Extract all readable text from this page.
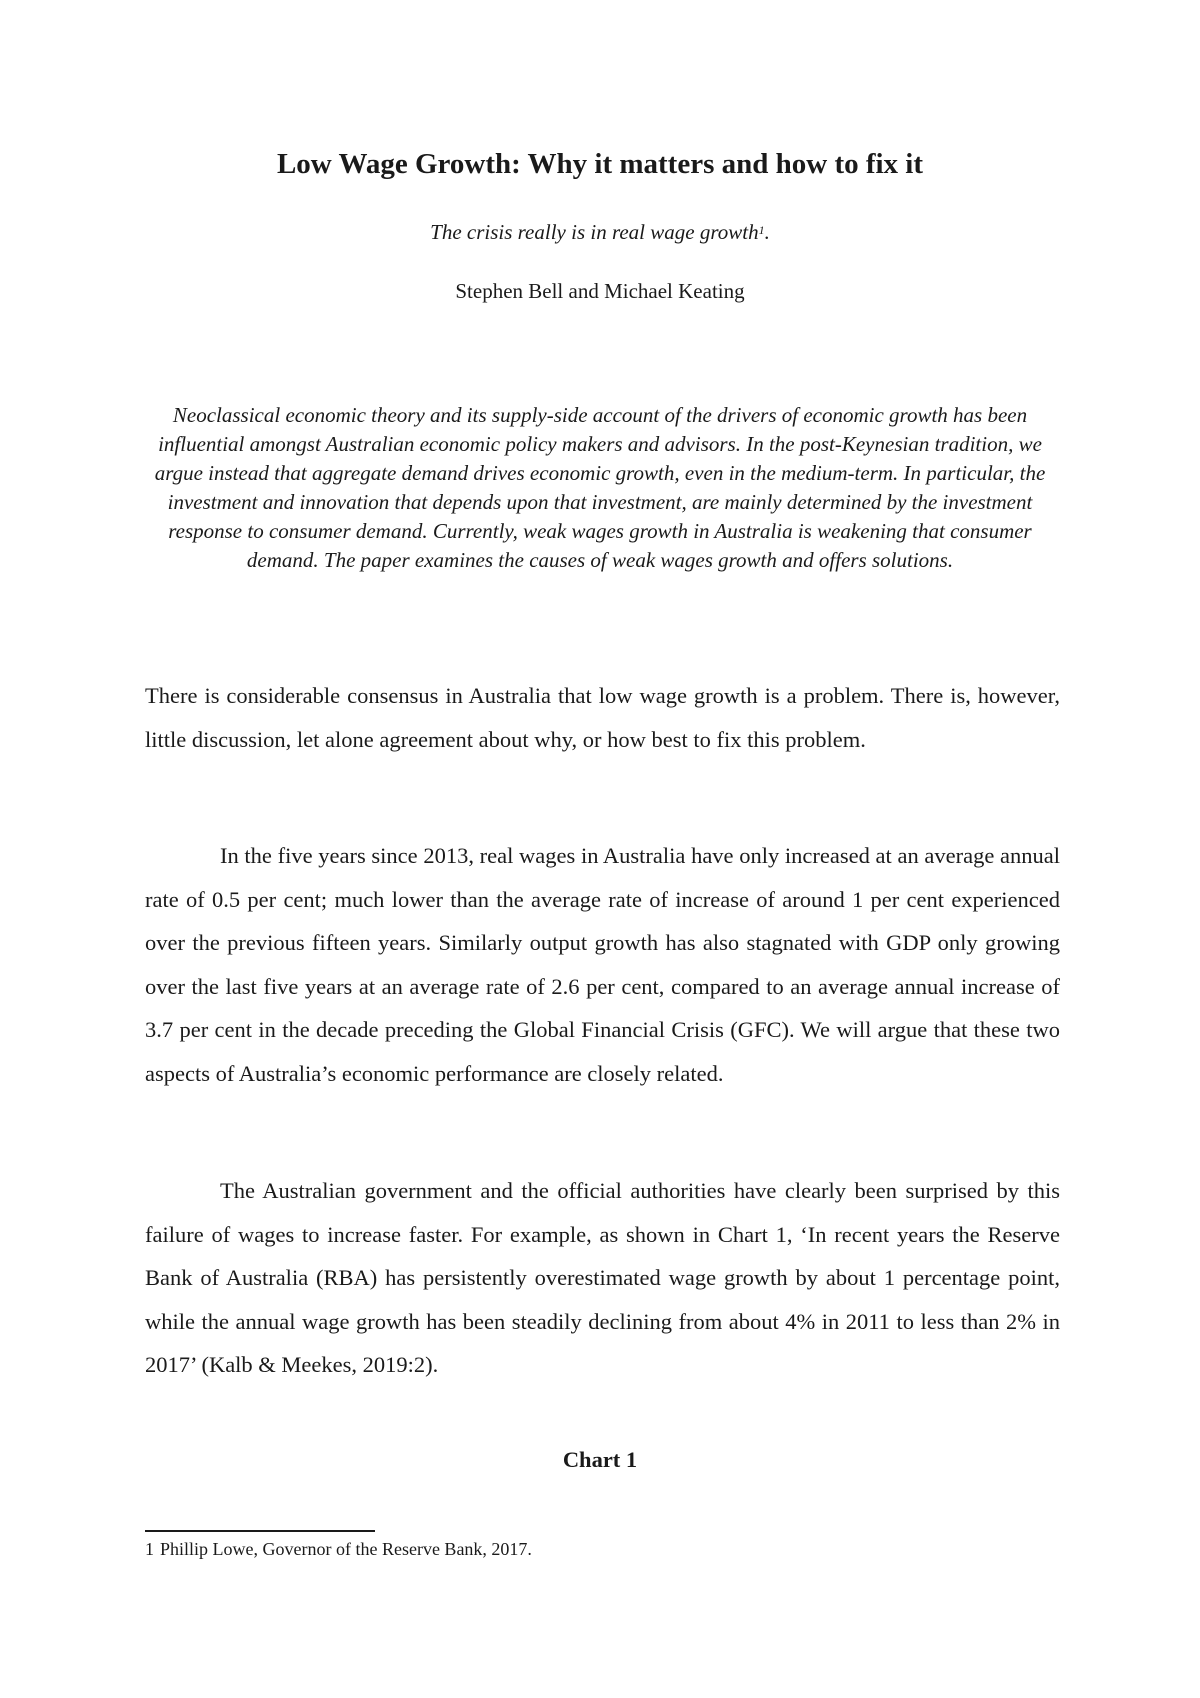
Low Wage Growth: Why it matters and how to fix it

The crisis really is in real wage growth$^1$.

Stephen Bell and Michael Keating

Neoclassical economic theory and its supply-side account of the drivers of economic growth has been influential amongst Australian economic policy makers and advisors. In the post-Keynesian tradition, we argue instead that aggregate demand drives economic growth, even in the medium-term. In particular, the investment and innovation that depends upon that investment, are mainly determined by the investment response to consumer demand. Currently, weak wages growth in Australia is weakening that consumer demand. The paper examines the causes of weak wages growth and offers solutions.

There is considerable consensus in Australia that low wage growth is a problem. There is, however, little discussion, let alone agreement about why, or how best to fix this problem.

In the five years since 2013, real wages in Australia have only increased at an average annual rate of 0.5 per cent; much lower than the average rate of increase of around 1 per cent experienced over the previous fifteen years. Similarly output growth has also stagnated with GDP only growing over the last five years at an average rate of 2.6 per cent, compared to an average annual increase of 3.7 per cent in the decade preceding the Global Financial Crisis (GFC). We will argue that these two aspects of Australia’s economic performance are closely related.

The Australian government and the official authorities have clearly been surprised by this failure of wages to increase faster. For example, as shown in Chart 1, ‘In recent years the Reserve Bank of Australia (RBA) has persistently overestimated wage growth by about 1 percentage point, while the annual wage growth has been steadily declining from about 4% in 2011 to less than 2% in 2017’ (Kalb & Meekes, 2019:2).

Chart 1

1 Phillip Lowe, Governor of the Reserve Bank, 2017.
